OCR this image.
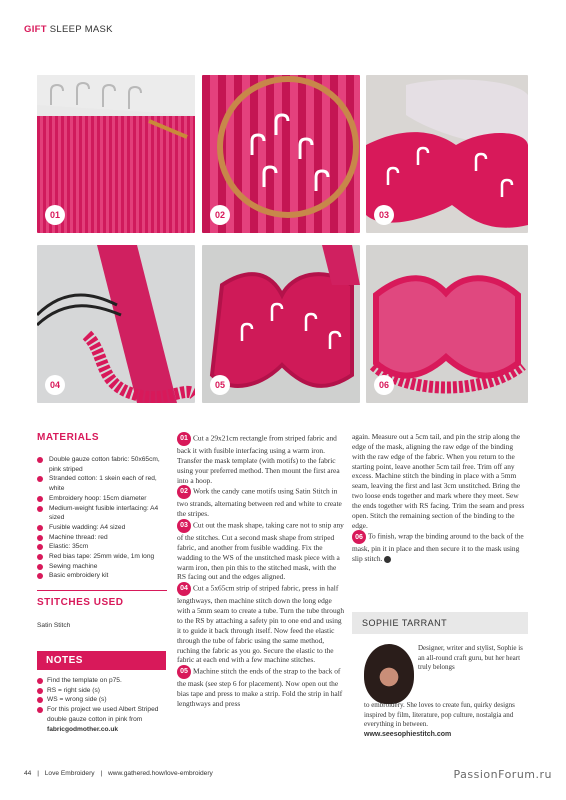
GIFT SLEEP MASK
01	02	03
04	05	06
MATERIALS
Double gauze cotton fabric: 50x65cm, pink striped
Stranded cotton: 1 skein each of red, white
Embroidery hoop: 15cm diameter
Medium-weight fusible interfacing: A4 sized
Fusible wadding: A4 sized
Machine thread: red
Elastic: 35cm
Red bias tape: 25mm wide, 1m long
Sewing machine
Basic embroidery kit
STITCHES USED
Satin Stitch
NOTES
Find the template on p75.
RS = right side (s)
WS = wrong side (s)
For this project we used Albert Striped double gauze cotton in pink from fabricgodmother.co.uk

01 Cut a 29x21cm rectangle from striped fabric and back it with fusible interfacing using a warm iron. Transfer the mask template (with motifs) to the fabric using your preferred method. Then mount the first area into a hoop.

02 Work the candy cane motifs using Satin Stitch in two strands, alternating between red and white to create the stripes.

03 Cut out the mask shape, taking care not to snip any of the stitches. Cut a second mask shape from striped fabric, and another from fusible wadding. Fix the wadding to the WS of the unstitched mask piece with a warm iron, then pin this to the stitched mask, with the RS facing out and the edges aligned.

04 Cut a 5x65cm strip of striped fabric, press in half lengthways, then machine stitch down the long edge with a 5mm seam to create a tube. Turn the tube through to the RS by attaching a safety pin to one end and using it to guide it back through itself. Now feed the elastic through the tube of fabric using the same method, ruching the fabric as you go. Secure the elastic to the fabric at each end with a few machine stitches.

05 Machine stitch the ends of the strap to the back of the mask (see step 6 for placement). Now open out the bias tape and press to make a strip. Fold the strip in half lengthways and press

again. Measure out a 5cm tail, and pin the strip along the edge of the mask, aligning the raw edge of the binding with the raw edge of the fabric. When you return to the starting point, leave another 5cm tail free. Trim off any excess. Machine stitch the binding in place with a 5mm seam, leaving the first and last 3cm unstitched. Bring the two loose ends together and mark where they meet. Sew the ends together with RS facing. Trim the seam and press open. Stitch the remaining section of the binding to the edge.

06 To finish, wrap the binding around to the back of the mask, pin it in place and then secure it to the mask using slip stitch.

SOPHIE TARRANT
Designer, writer and stylist, Sophie is an all-round craft guru, but her heart truly belongs
to embroidery. She loves to create fun, quirky designs inspired by film, literature, pop culture, nostalgia and everything in between.
www.seesophiestitch.com
44 | Love Embroidery | www.gathered.how/love-embroidery	PassionForum.ru
